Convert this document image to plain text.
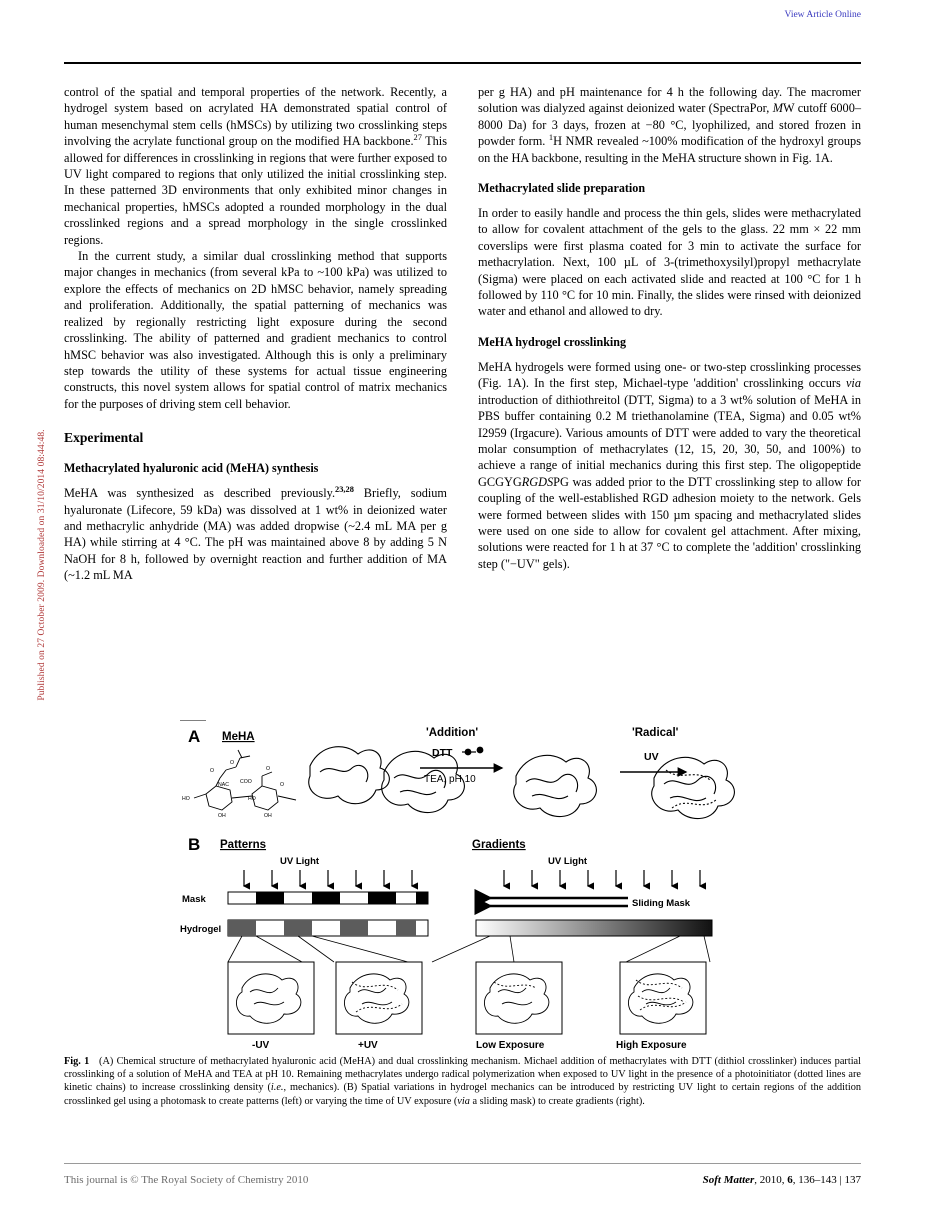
View Article Online
Published on 27 October 2009. Downloaded on 31/10/2014 08:44:48.

control of the spatial and temporal properties of the network. Recently, a hydrogel system based on acrylated HA demonstrated spatial control of human mesenchymal stem cells (hMSCs) by utilizing two crosslinking steps involving the acrylate functional group on the modified HA backbone.$^{27}$ This allowed for differences in crosslinking in regions that were further exposed to UV light compared to regions that only utilized the initial crosslinking step. In these patterned 3D environments that only exhibited minor changes in mechanical properties, hMSCs adopted a rounded morphology in the dual crosslinked regions and a spread morphology in the single crosslinked regions.

In the current study, a similar dual crosslinking method that supports major changes in mechanics (from several kPa to ~100 kPa) was utilized to explore the effects of mechanics on 2D hMSC behavior, namely spreading and proliferation. Additionally, the spatial patterning of mechanics was realized by regionally restricting light exposure during the second crosslinking. The ability of patterned and gradient mechanics to control hMSC behavior was also investigated. Although this is only a preliminary step towards the utility of these systems for actual tissue engineering constructs, this novel system allows for spatial control of matrix mechanics for the purposes of driving stem cell behavior.

Experimental
Methacrylated hyaluronic acid (MeHA) synthesis

MeHA was synthesized as described previously.$^{23,28}$ Briefly, sodium hyaluronate (Lifecore, 59 kDa) was dissolved at 1 wt% in deionized water and methacrylic anhydride (MA) was added dropwise (~2.4 mL MA per g HA) while stirring at 4 °C. The pH was maintained above 8 by adding 5 N NaOH for 8 h, followed by overnight reaction and further addition of MA (~1.2 mL MA

per g HA) and pH maintenance for 4 h the following day. The macromer solution was dialyzed against deionized water (SpectraPor, MW cutoff 6000–8000 Da) for 3 days, frozen at −80 °C, lyophilized, and stored frozen in powder form. $^1$H NMR revealed ~100% modification of the hydroxyl groups on the HA backbone, resulting in the MeHA structure shown in Fig. 1A.

Methacrylated slide preparation

In order to easily handle and process the thin gels, slides were methacrylated to allow for covalent attachment of the gels to the glass. 22 mm × 22 mm coverslips were first plasma coated for 3 min to activate the surface for methacrylation. Next, 100 µL of 3-(trimethoxysilyl)propyl methacrylate (Sigma) were placed on each activated slide and reacted at 100 °C for 1 h followed by 110 °C for 10 min. Finally, the slides were rinsed with deionized water and ethanol and allowed to dry.

MeHA hydrogel crosslinking

MeHA hydrogels were formed using one- or two-step crosslinking processes (Fig. 1A). In the first step, Michael-type 'addition' crosslinking occurs via introduction of dithiothreitol (DTT, Sigma) to a 3 wt% solution of MeHA in PBS buffer containing 0.2 M triethanolamine (TEA, Sigma) and 0.05 wt% I2959 (Irgacure). Various amounts of DTT were added to vary the theoretical molar consumption of methacrylates (12, 15, 20, 30, 50, and 100%) to achieve a range of initial mechanics during this first step. The oligopeptide GCGYGRGDSPG was added prior to the DTT crosslinking step to allow for coupling of the well-established RGD adhesion moiety to the network. Gels were formed between slides with 150 µm spacing and methacrylated slides were used on one side to allow for covalent gel attachment. After mixing, solutions were reacted for 1 h at 37 °C to complete the 'addition' crosslinking step ("−UV" gels).

A MeHA
HO
O
O
OH
NAC COO
HO
O
O
OH
'Addition'
DTT
TEA, pH 10
'Radical'
UV
B Patterns	Gradients
UV Light	UV Light
Mask	Sliding Mask
Hydrogel
-UV	+UV	Low Exposure	High Exposure
Fig. 1   (A) Chemical structure of methacrylated hyaluronic acid (MeHA) and dual crosslinking mechanism. Michael addition of methacrylates with DTT (dithiol crosslinker) induces partial crosslinking of a solution of MeHA and TEA at pH 10. Remaining methacrylates undergo radical polymerization when exposed to UV light in the presence of a photoinitiator (dotted lines are kinetic chains) to increase crosslinking density (i.e., mechanics). (B) Spatial variations in hydrogel mechanics can be introduced by restricting UV light to certain regions of the addition crosslinked gel using a photomask to create patterns (left) or varying the time of UV exposure (via a sliding mask) to create gradients (right).
This journal is © The Royal Society of Chemistry 2010	Soft Matter, 2010, 6, 136–143 | 137
